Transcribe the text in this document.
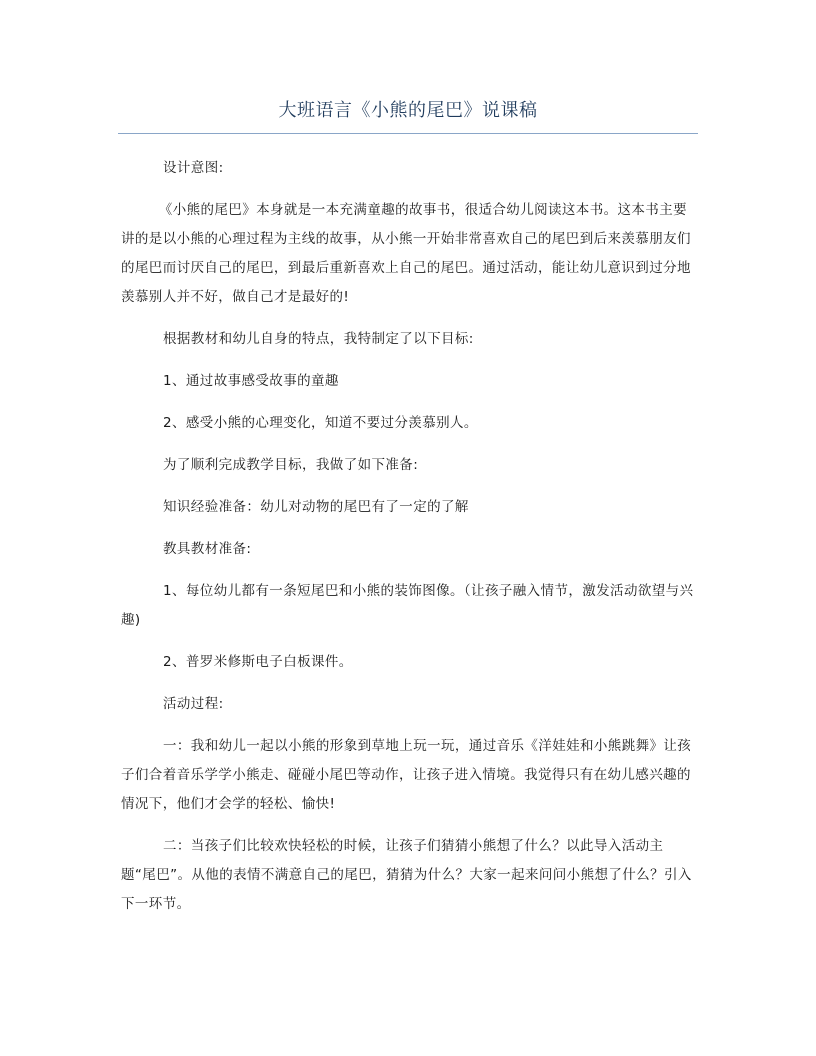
大班语言《小熊的尾巴》说课稿

设计意图:

《小熊的尾巴》本身就是一本充满童趣的故事书，很适合幼儿阅读这本书。这本书主要讲的是以小熊的心理过程为主线的故事，从小熊一开始非常喜欢自己的尾巴到后来羡慕朋友们的尾巴而讨厌自己的尾巴，到最后重新喜欢上自己的尾巴。通过活动，能让幼儿意识到过分地羡慕别人并不好，做自己才是最好的!

根据教材和幼儿自身的特点，我特制定了以下目标:

1、通过故事感受故事的童趣

2、感受小熊的心理变化，知道不要过分羡慕别人。

为了顺利完成教学目标，我做了如下准备:

知识经验准备：幼儿对动物的尾巴有了一定的了解

教具教材准备:

1、每位幼儿都有一条短尾巴和小熊的装饰图像。（让孩子融入情节，激发活动欲望与兴趣)

2、普罗米修斯电子白板课件。

活动过程:

一：我和幼儿一起以小熊的形象到草地上玩一玩，通过音乐《洋娃娃和小熊跳舞》让孩子们合着音乐学学小熊走、碰碰小尾巴等动作，让孩子进入情境。我觉得只有在幼儿感兴趣的情况下，他们才会学的轻松、愉快!

二：当孩子们比较欢快轻松的时候，让孩子们猜猜小熊想了什么？以此导入活动主题“尾巴”。从他的表情不满意自己的尾巴，猜猜为什么？大家一起来问问小熊想了什么？引入下一环节。
